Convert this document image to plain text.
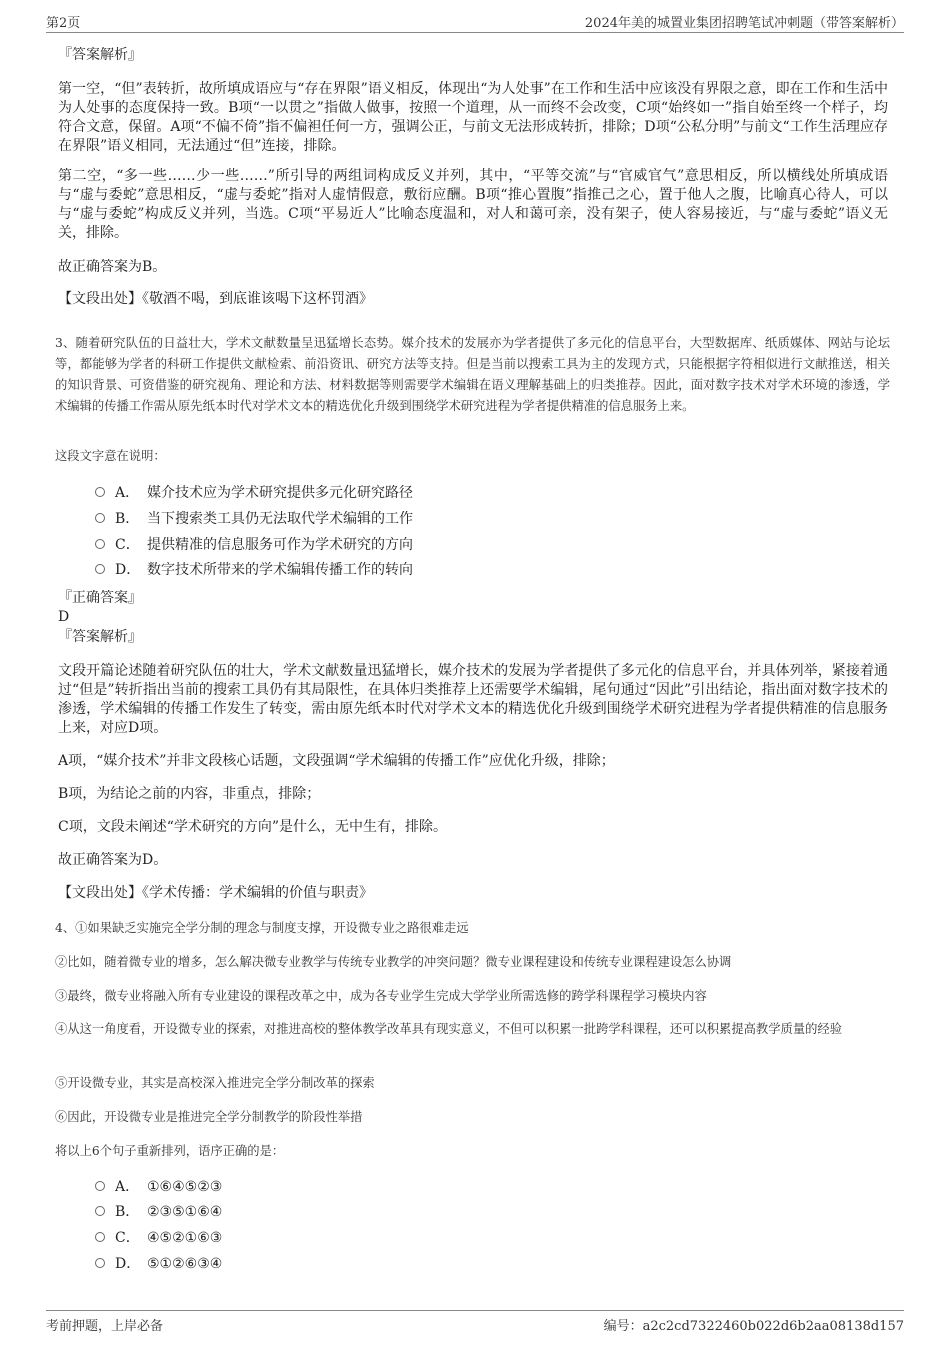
第2页	2024年美的城置业集团招聘笔试冲刺题（带答案解析）
『答案解析』
第一空，“但”表转折，故所填成语应与“存在界限”语义相反，体现出“为人处事”在工作和生活中应该没有界限之意，即在工作和生活中为人处事的态度保持一致。B项“一以贯之”指做人做事，按照一个道理，从一而终不会改变，C项“始终如一”指自始至终一个样子，均符合文意，保留。A项“不偏不倚”指不偏袒任何一方，强调公正，与前文无法形成转折，排除；D项“公私分明”与前文“工作生活理应存在界限”语义相同，无法通过“但”连接，排除。
第二空，“多一些……少一些……”所引导的两组词构成反义并列，其中，“平等交流”与“官威官气”意思相反，所以横线处所填成语与“虚与委蛇”意思相反，“虚与委蛇”指对人虚情假意，敷衍应酬。B项“推心置腹”指推己之心，置于他人之腹，比喻真心待人，可以与“虚与委蛇”构成反义并列，当选。C项“平易近人”比喻态度温和，对人和蔼可亲，没有架子，使人容易接近，与“虚与委蛇”语义无关，排除。
故正确答案为B。
【文段出处】《敬酒不喝，到底谁该喝下这杯罚酒》
3、随着研究队伍的日益壮大，学术文献数量呈迅猛增长态势。媒介技术的发展亦为学者提供了多元化的信息平台，大型数据库、纸质媒体、网站与论坛等，都能够为学者的科研工作提供文献检索、前沿资讯、研究方法等支持。但是当前以搜索工具为主的发现方式，只能根据字符相似进行文献推送，相关的知识背景、可资借鉴的研究视角、理论和方法、材料数据等则需要学术编辑在语义理解基础上的归类推荐。因此，面对数字技术对学术环境的渗透，学术编辑的传播工作需从原先纸本时代对学术文本的精选优化升级到围绕学术研究进程为学者提供精准的信息服务上来。
这段文字意在说明：
A． 媒介技术应为学术研究提供多元化研究路径
B． 当下搜索类工具仍无法取代学术编辑的工作
C． 提供精准的信息服务可作为学术研究的方向
D． 数字技术所带来的学术编辑传播工作的转向
『正确答案』
D
『答案解析』
文段开篇论述随着研究队伍的壮大，学术文献数量迅猛增长，媒介技术的发展为学者提供了多元化的信息平台，并具体列举，紧接着通过“但是”转折指出当前的搜索工具仍有其局限性，在具体归类推荐上还需要学术编辑，尾句通过“因此”引出结论，指出面对数字技术的渗透，学术编辑的传播工作发生了转变，需由原先纸本时代对学术文本的精选优化升级到围绕学术研究进程为学者提供精准的信息服务上来，对应D项。
A项，“媒介技术”并非文段核心话题，文段强调“学术编辑的传播工作”应优化升级，排除；
B项，为结论之前的内容，非重点，排除；
C项，文段未阐述“学术研究的方向”是什么，无中生有，排除。
故正确答案为D。
【文段出处】《学术传播：学术编辑的价值与职责》
4、①如果缺乏实施完全学分制的理念与制度支撑，开设微专业之路很难走远
②比如，随着微专业的增多，怎么解决微专业教学与传统专业教学的冲突问题？微专业课程建设和传统专业课程建设怎么协调
③最终，微专业将融入所有专业建设的课程改革之中，成为各专业学生完成大学学业所需选修的跨学科课程学习模块内容
④从这一角度看，开设微专业的探索，对推进高校的整体教学改革具有现实意义，不但可以积累一批跨学科课程，还可以积累提高教学质量的经验
⑤开设微专业，其实是高校深入推进完全学分制改革的探索
⑥因此，开设微专业是推进完全学分制教学的阶段性举措
将以上6个句子重新排列，语序正确的是：
A． ①⑥④⑤②③
B． ②③⑤①⑥④
C． ④⑤②①⑥③
D． ⑤①②⑥③④
考前押题，上岸必备	编号：a2c2cd7322460b022d6b2aa08138d157
